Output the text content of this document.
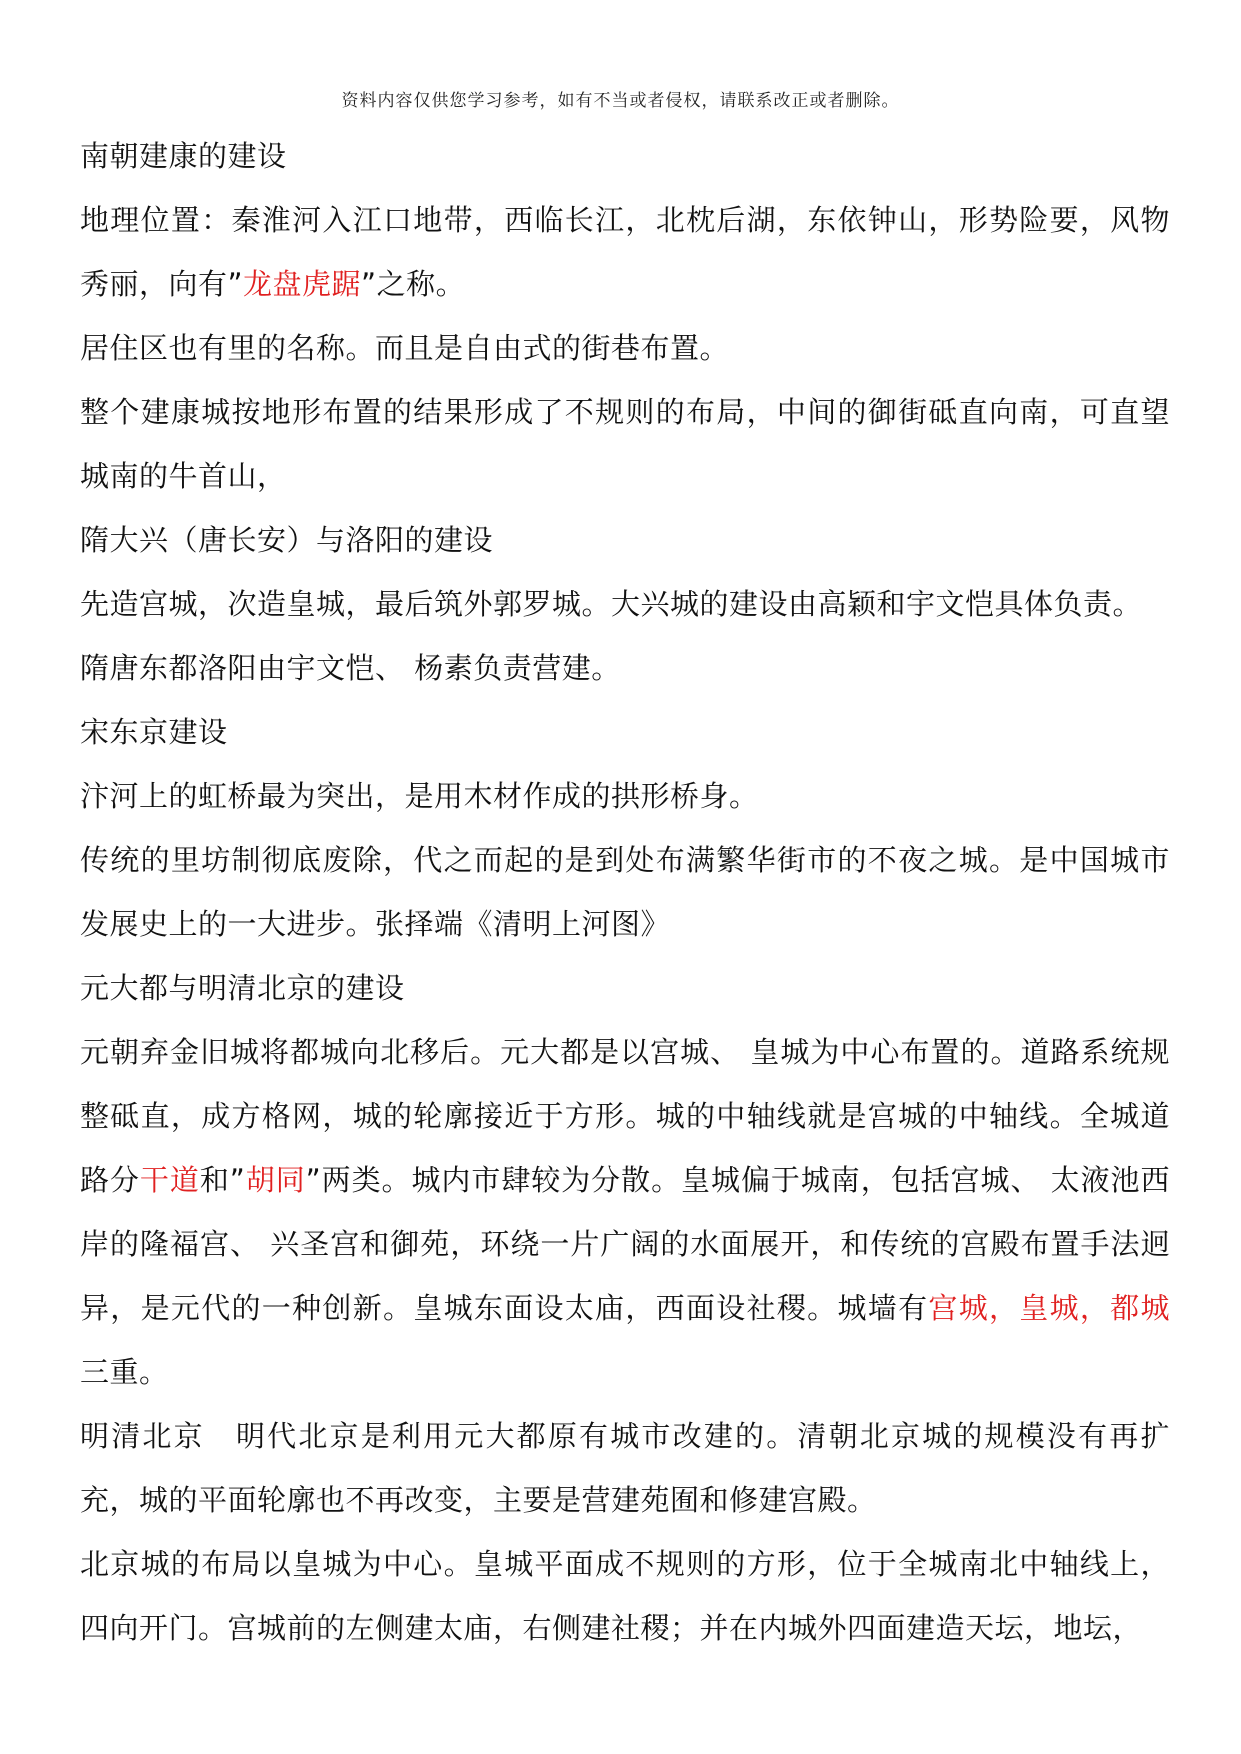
资料内容仅供您学习参考，如有不当或者侵权，请联系改正或者删除。

南朝建康的建设

地理位置：秦淮河入江口地带，西临长江，北枕后湖，东依钟山，形势险要，风物秀丽，向有”龙盘虎踞”之称。

居住区也有里的名称。而且是自由式的街巷布置。

整个建康城按地形布置的结果形成了不规则的布局，中间的御街砥直向南，可直望城南的牛首山，

隋大兴（唐长安）与洛阳的建设

先造宫城，次造皇城，最后筑外郭罗城。大兴城的建设由高颖和宇文恺具体负责。

隋唐东都洛阳由宇文恺、 杨素负责营建。

宋东京建设

汴河上的虹桥最为突出，是用木材作成的拱形桥身。

传统的里坊制彻底废除，代之而起的是到处布满繁华街市的不夜之城。是中国城市发展史上的一大进步。张择端《清明上河图》

元大都与明清北京的建设

元朝弃金旧城将都城向北移后。元大都是以宫城、 皇城为中心布置的。道路系统规整砥直，成方格网，城的轮廓接近于方形。城的中轴线就是宫城的中轴线。全城道路分干道和”胡同”两类。城内市肆较为分散。皇城偏于城南，包括宫城、 太液池西岸的隆福宫、 兴圣宫和御苑，环绕一片广阔的水面展开，和传统的宫殿布置手法迥异，是元代的一种创新。皇城东面设太庙，西面设社稷。城墙有宫城，皇城，都城三重。

明清北京　明代北京是利用元大都原有城市改建的。清朝北京城的规模没有再扩充，城的平面轮廓也不再改变，主要是营建苑囿和修建宫殿。

北京城的布局以皇城为中心。皇城平面成不规则的方形，位于全城南北中轴线上，四向开门。宫城前的左侧建太庙，右侧建社稷；并在内城外四面建造天坛，地坛，
